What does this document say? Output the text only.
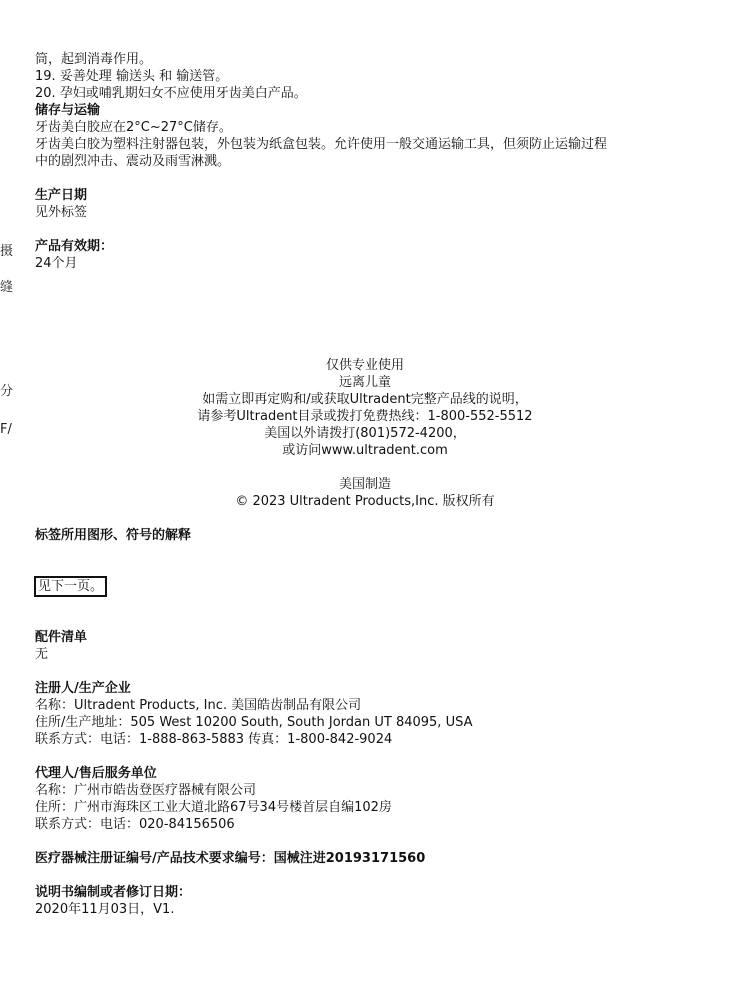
摄
缝
分
F/
筒，起到消毒作用。
19. 妥善处理 输送头 和 输送管。
20. 孕妇或哺乳期妇女不应使用牙齿美白产品。
储存与运输
牙齿美白胶应在2°C~27°C储存。
牙齿美白胶为塑料注射器包装，外包装为纸盒包装。允许使用一般交通运输工具，但须防止运输过程
中的剧烈冲击、震动及雨雪淋溅。
生产日期
见外标签
产品有效期：
24个月
仅供专业使用
远离儿童
如需立即再定购和/或获取Ultradent完整产品线的说明，
请参考Ultradent目录或拨打免费热线：1-800-552-5512
美国以外请拨打(801)572-4200，
或访问www.ultradent.com
美国制造
© 2023 Ultradent Products,Inc. 版权所有
标签所用图形、符号的解释
见下一页。
配件清单
无
注册人/生产企业
名称：Ultradent Products, Inc. 美国皓齿制品有限公司
住所/生产地址：505 West 10200 South, South Jordan UT 84095, USA
联系方式：电话：1-888-863-5883 传真：1-800-842-9024
代理人/售后服务单位
名称：广州市皓齿登医疗器械有限公司
住所：广州市海珠区工业大道北路67号34号楼首层自编102房
联系方式：电话：020-84156506
医疗器械注册证编号/产品技术要求编号：国械注进20193171560
说明书编制或者修订日期：
2020年11月03日，V1.
